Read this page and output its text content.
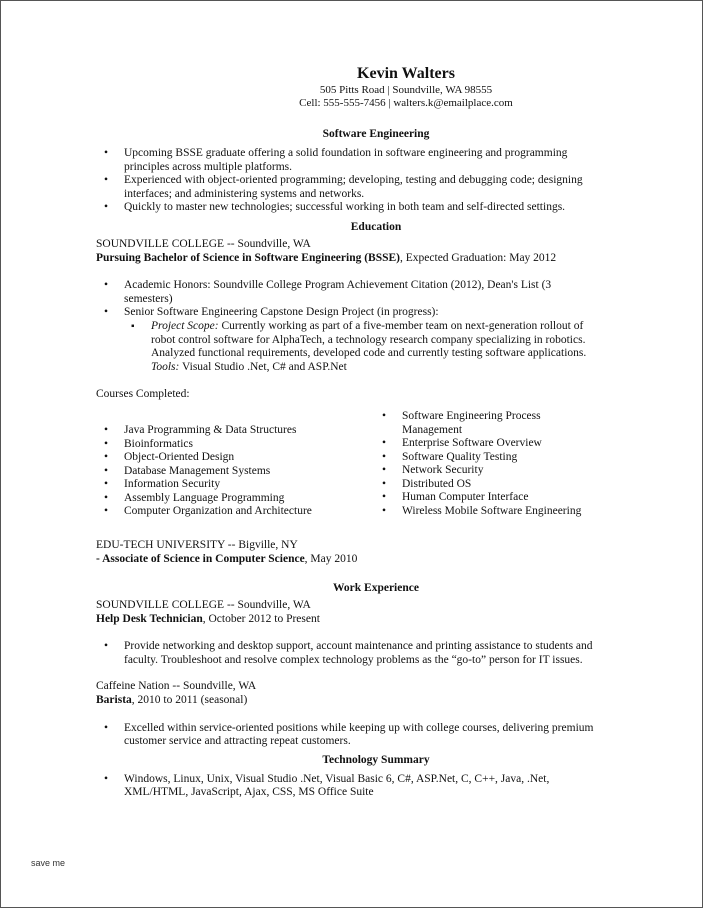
Kevin Walters
505 Pitts Road | Soundville, WA 98555
Cell: 555-555-7456 | walters.k@emailplace.com
Software Engineering
• Upcoming BSSE graduate offering a solid foundation in software engineering and programming principles across multiple platforms.
• Experienced with object-oriented programming; developing, testing and debugging code; designing interfaces; and administering systems and networks.
• Quickly to master new technologies; successful working in both team and self-directed settings.
Education
SOUNDVILLE COLLEGE -- Soundville, WA
Pursuing Bachelor of Science in Software Engineering (BSSE), Expected Graduation: May 2012
• Academic Honors: Soundville College Program Achievement Citation (2012), Dean's List (3 semesters)
• Senior Software Engineering Capstone Design Project (in progress):
▪ Project Scope: Currently working as part of a five-member team on next-generation rollout of robot control software for AlphaTech, a technology research company specializing in robotics. Analyzed functional requirements, developed code and currently testing software applications. Tools: Visual Studio .Net, C# and ASP.Net
Courses Completed:
• Java Programming & Data Structures
• Bioinformatics
• Object-Oriented Design
• Database Management Systems
• Information Security
• Assembly Language Programming
• Computer Organization and Architecture
• Software Engineering Process Management
• Enterprise Software Overview
• Software Quality Testing
• Network Security
• Distributed OS
• Human Computer Interface
• Wireless Mobile Software Engineering
EDU-TECH UNIVERSITY -- Bigville, NY
- Associate of Science in Computer Science, May 2010
Work Experience
SOUNDVILLE COLLEGE -- Soundville, WA
Help Desk Technician, October 2012 to Present
• Provide networking and desktop support, account maintenance and printing assistance to students and faculty. Troubleshoot and resolve complex technology problems as the “go-to” person for IT issues.
Caffeine Nation -- Soundville, WA
Barista, 2010 to 2011 (seasonal)
• Excelled within service-oriented positions while keeping up with college courses, delivering premium customer service and attracting repeat customers.
Technology Summary
• Windows, Linux, Unix, Visual Studio .Net, Visual Basic 6, C#, ASP.Net, C, C++, Java, .Net, XML/HTML, JavaScript, Ajax, CSS, MS Office Suite
save me
